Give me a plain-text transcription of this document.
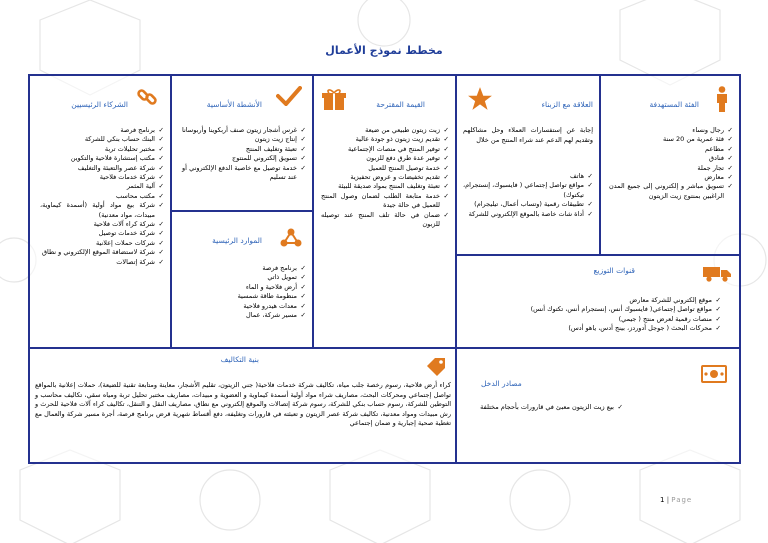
مخطط نموذج الأعمال
الفئة المستهدفة
✓ رجال ونساء
✓ فئة عمرية من 20 سنة
✓ مطاعم
✓ فنادق
✓ تجار جملة
✓ معارض
✓ تسويق مباشر و إلكتروني إلى جميع المدن الراغبين بمنتوج زيت الزيتون
العلاقة مع الزبناء
إجابة عن إستفسارات العملاء وحل مشاكلهم وتقديم لهم الدعم عند شراء المنتج من خلال
✓ هاتف
✓ مواقع تواصل إجتماعي ( فايسبوك، إنستجرام، تيكتوك)
✓ تطبيقات رقمية (وتساب أعمال، تيليجرام)
✓ أداة شات خاصة بالموقع الإلكتروني للشركة
القيمة المقترحة
✓ زيت زيتون طبيعي من ضيعة
✓ تقديم زيت زيتون ذو جودة عالية
✓ توفير المنتج في منصات الإجتماعية
✓ توفير عدة طرق دفع للزبون
✓ خدمة توصيل المنتج للعميل
✓ تقديم تخفيضات و عروض تحفيزية
✓ تعبئة وتغليف المنتج بمواد صديقة للبيئة
✓ خدمة متابعة الطلب لضمان وصول المنتج للعميل في حالة جيدة
✓ ضمان في حالة تلف المنتج عند توصيله للزبون
الأنشطة الأساسية
✓ غرس أشجار زيتون صنف أربكوينا وأربوسانا
✓ إنتاج زيت زيتون
✓ تعبئة وتغليف المنتج
✓ تسويق إلكتروني للمنتوج
✓ خدمة توصيل مع خاصية الدفع الإلكتروني أو عند تسليم
الموارد الرئيسية
✓ برنامج فرصة
✓ تمويل ذاتي
✓ أرض فلاحية و الماء
✓ منظومة طاقة شمسية
✓ معدات هيدرو فلاحية
✓ مسير شركة، عمال
الشركاء الرئيسيين
✓ برنامج فرصة
✓ البنك حساب بنكي للشركة
✓ مختبر تحليلات تربة
✓ مكتب إستشارة فلاحية والتكوين
✓ شركة عصر والتعبئة والتغليف
✓ شركة خدمات فلاحية
✓ آلية المثمر
✓ مكتب محاسب
✓ شركة بيع مواد أولية (أسمدة كيماوية، مبيدات، مواد معدنية)
✓ شركة كراء آلات فلاحية
✓ شركة خدمات توصيل
✓ شركات حملات إعلانية
✓ شركة لاستضافة الموقع الإلكتروني و نطاق
✓ شركة إتصالات
قنوات التوزيع
✓ موقع إلكتروني للشركة معارض
✓ مواقع تواصل إجتماعي( فايسبوك أنس، إنستجرام أنس، تكتوك أنس)
✓ منصات رقمية لعرض منتج ( جيمي)
✓ محركات البحث ( جوجل أدوردز، بينج أدس، ياهو أدس)
بنية التكاليف
كراء أرض فلاحية، رسوم رخصة جلب مياه، تكاليف شركة خدمات فلاحية( جني الزيتون، تقليم الأشجار، معاينة ومتابعة تقنية للضيعة)، حملات إعلانية بالمواقع تواصل إجتماعي ومحركات البحث، مصاريف شراء مواد أولية أسمدة كيماوية و العضوية و مبيدات، مصاريف مختبر تحليل تربة ومياه سقي، تكاليف محاسب و التوطين للشركة، رسوم حساب بنكي للشركة، رسوم شركة إتصالات والموقع إلكتروني مع نطاق، مصاريف النقل و التنقل، تكاليف كراء آلات فلاحية للحرث و رش مبيدات ومواد معدنية، تكاليف شركة عصر الزيتون و تعبئته في قارورات وتغليفه، دفع أقساط شهرية قرض برنامج فرصة، أجرة مسير شركة والعمال مع تغطية صحية إجبارية و ضمان إجتماعي
مصادر الدخل
✓ بيع زيت الزيتون معبئ في قارورات بأحجام مختلفة
1 | Page
